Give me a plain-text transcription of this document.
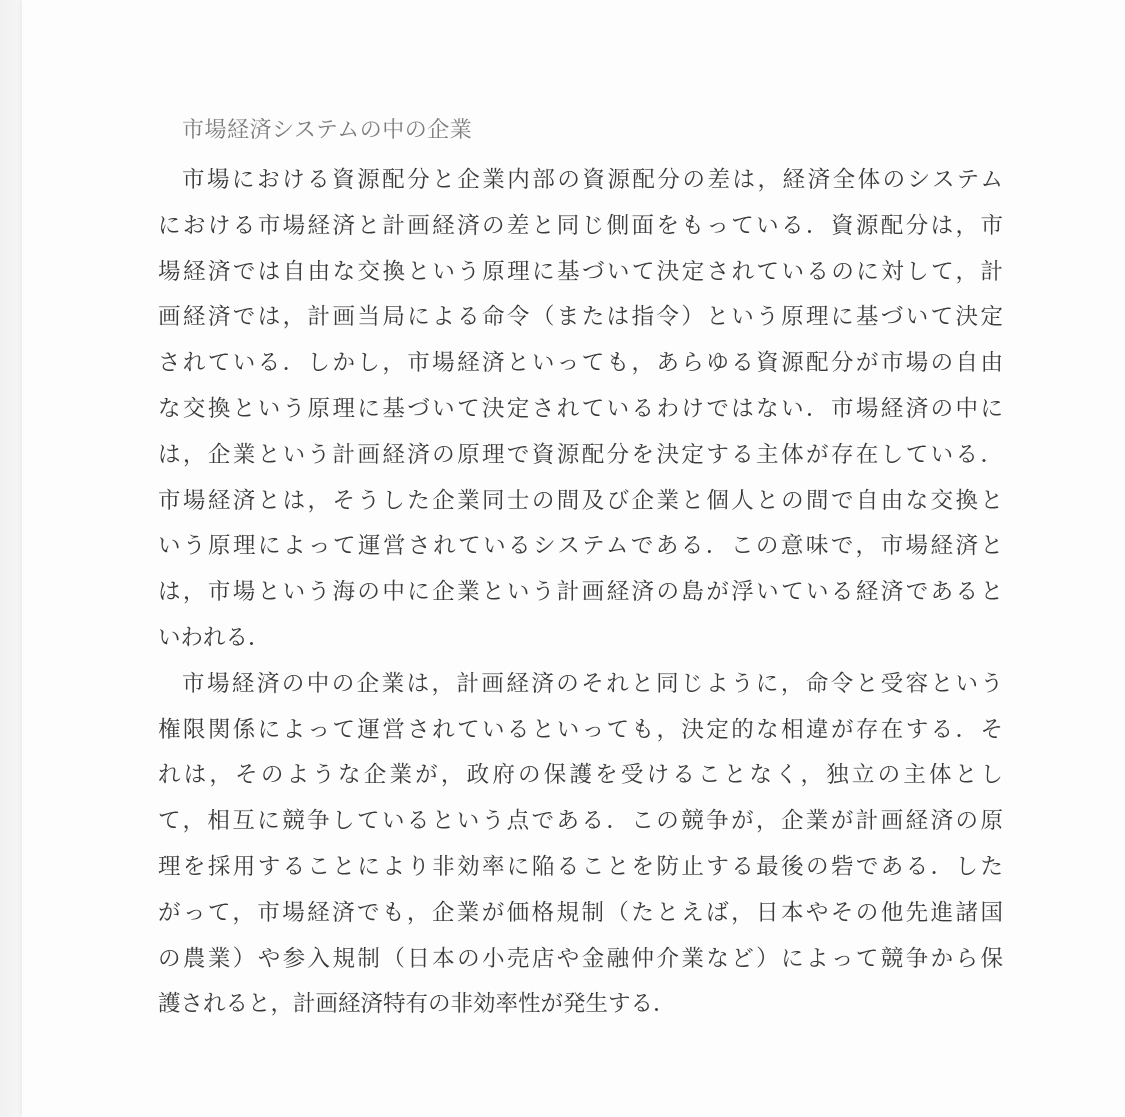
市場経済システムの中の企業
市場における資源配分と企業内部の資源配分の差は，経済全体のシステム
における市場経済と計画経済の差と同じ側面をもっている．資源配分は，市
場経済では自由な交換という原理に基づいて決定されているのに対して，計
画経済では，計画当局による命令（または指令）という原理に基づいて決定
されている．しかし，市場経済といっても，あらゆる資源配分が市場の自由
な交換という原理に基づいて決定されているわけではない．市場経済の中に
は，企業という計画経済の原理で資源配分を決定する主体が存在している．
市場経済とは，そうした企業同士の間及び企業と個人との間で自由な交換と
いう原理によって運営されているシステムである．この意味で，市場経済と
は，市場という海の中に企業という計画経済の島が浮いている経済であると
いわれる．
市場経済の中の企業は，計画経済のそれと同じように，命令と受容という
権限関係によって運営されているといっても，決定的な相違が存在する．そ
れは，そのような企業が，政府の保護を受けることなく，独立の主体とし
て，相互に競争しているという点である．この競争が，企業が計画経済の原
理を採用することにより非効率に陥ることを防止する最後の砦である．した
がって，市場経済でも，企業が価格規制（たとえば，日本やその他先進諸国
の農業）や参入規制（日本の小売店や金融仲介業など）によって競争から保
護されると，計画経済特有の非効率性が発生する．
